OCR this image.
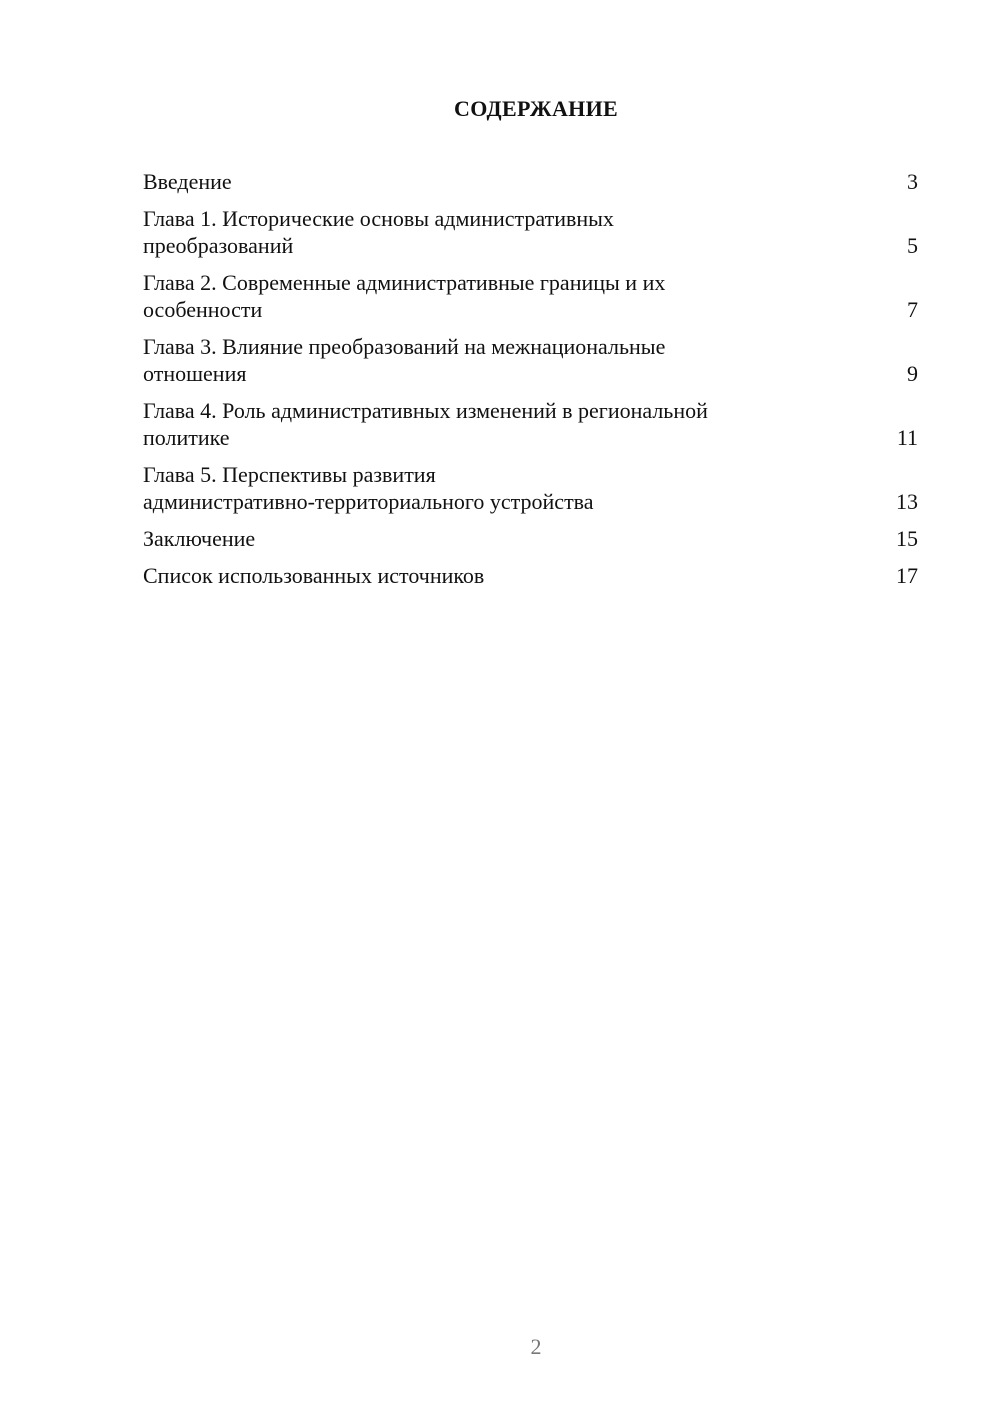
СОДЕРЖАНИЕ
Введение	3
Глава 1. Исторические основы административных
преобразований	5
Глава 2. Современные административные границы и их
особенности	7
Глава 3. Влияние преобразований на межнациональные
отношения	9
Глава 4. Роль административных изменений в региональной
политике	11
Глава 5. Перспективы развития
административно-территориального устройства	13
Заключение	15
Список использованных источников	17
2
